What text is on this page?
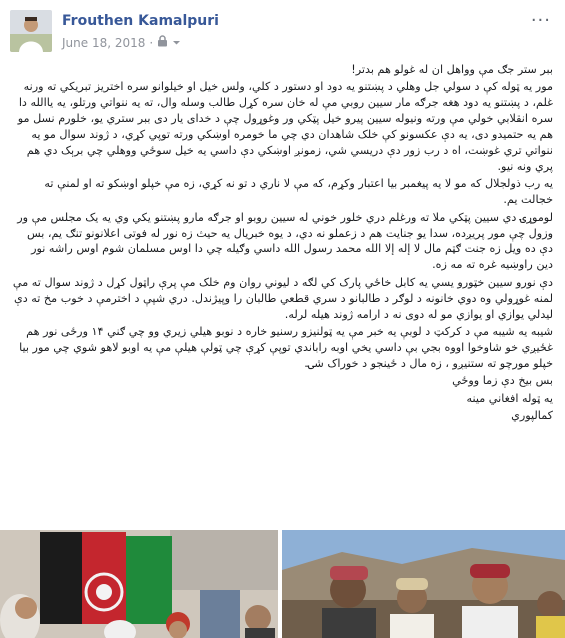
Frouthen Kamalpuri
June 18, 2018 ·
···

ببر ستر جګ مې وواهل ان له غولو هم بدتر!

مور يه ټوله کې د سولي جل وهلي د پښتنو يه دود او دستور د کلي، ولس خيل او خيلوانو سره اختريز تبريکي ته ورنه غلم، د پښتنو يه دود هغه جرګه مار سيين روبي مې له خان سره کړل طالب وسله وال، ته يه ننواتي ورتلو، يه ياالله دا سره انقلابي خولي مې ورته ونيوله سيين پيرو خيل پټکي ور وغوړول چې د خداى يار دى ببر ستري يو، خلورم نسل مو هم يه حتميدو دى، يه دې عکسونو کې خلک شاهدان دي چي ما خومره اوښکي ورته توپي کړي، د ژوند سوال مو يه ننواتي تري غوښت، اه د رب زور دې دريسي شي، زمونږ اوښکي دې داسي يه خيل سوځي ووهلي چي برېک دي هم پري ونه نيو.

يه رب ذولجلال که مو لا يه پيغمبر بيا اعتبار وکړم، که مې لا ناري د تو نه کړي، زه مې خپلو اوښکو ته او لمنې ته خجالت يم.

لوموړۍ دي سيين پټکي ملا ته ورغلم دري خلور خوني له سيين روبو او جرګه مارو پښتنو يکي وي يه يک مجلس مې ور وزول چې مور پريږده، سدا يو جنايت هم د زعملو نه دي، د يوه خبريال يه حيث زه نور له فوتی اعلانونو تنګ يم، بس دې ده ويل زه جنت ګټم مال لا إله إلا الله محمد رسول الله داسي وګيله چي دا اوس مسلمان شوم اوس راشه نور دين راوښيه غره ته مه زه.

دې نورو سيين خټورو يسي يه کابل خاځي پارک کي لګه د ليوني روان وم خلک مې پرې راټول کړل د ژوند سوال ته مې لمنه غوړولي وه دوي خانونه د لوګر د طالبانو د سري قطعي طالبان را وپيژندل. دري شپې د اخترمې د خوب مخ ته دې ليدلي يوازي او يوازي مو له دوی نه د ارامه ژوند هيله لرله.

شيبه يه شيبه مې د کرکټ د لوبې يه خبر مې يه ټولنيزو رسنيو خاره د نوبو هيلي زيري وو چي ګني ۱۴ ورځی نور هم غځيږي خو شاوخوا اووه بجي بې داسي يخي اوبه راباندي توپې کړې چي ټولې هيلې مې يه اوبو لاهو شوي چي مور بيا خپلو مورچو ته ستنيږو ، زه مال د ځينجو د خوراک شۍ.

بس بيخ دې زما ووځي

يه ټوله افغاني مينه

کمالپوري
